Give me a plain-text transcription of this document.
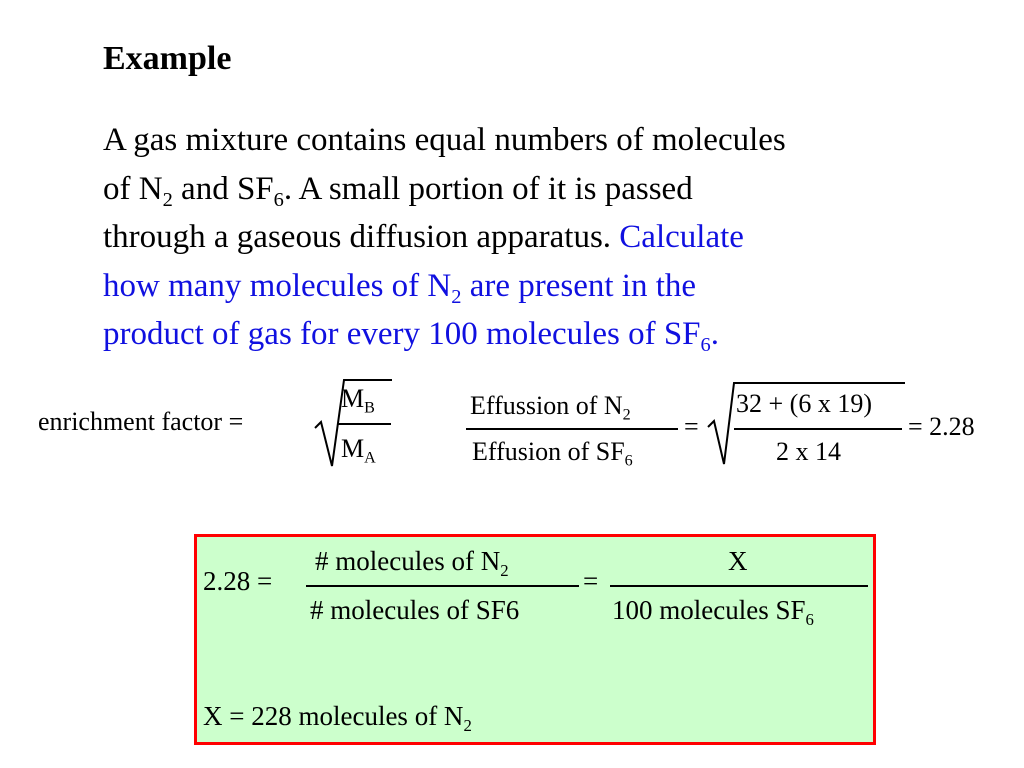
Example
A gas mixture contains equal numbers of molecules
of $N_2$ and $SF_6$. A small portion of it is passed
through a gaseous diffusion apparatus. Calculate
how many molecules of $N_2$ are present in the
product of gas for every 100 molecules of $SF_6$.
enrichment factor =
$M_B$
$M_A$
Effussion of $N_2$
Effusion of $SF_6$
=
32 + (6 x 19)
2 x 14
= 2.28
2.28 =
# molecules of $N_2$
# molecules of SF6
=
X
100 molecules $SF_6$
X = 228 molecules of $N_2$
